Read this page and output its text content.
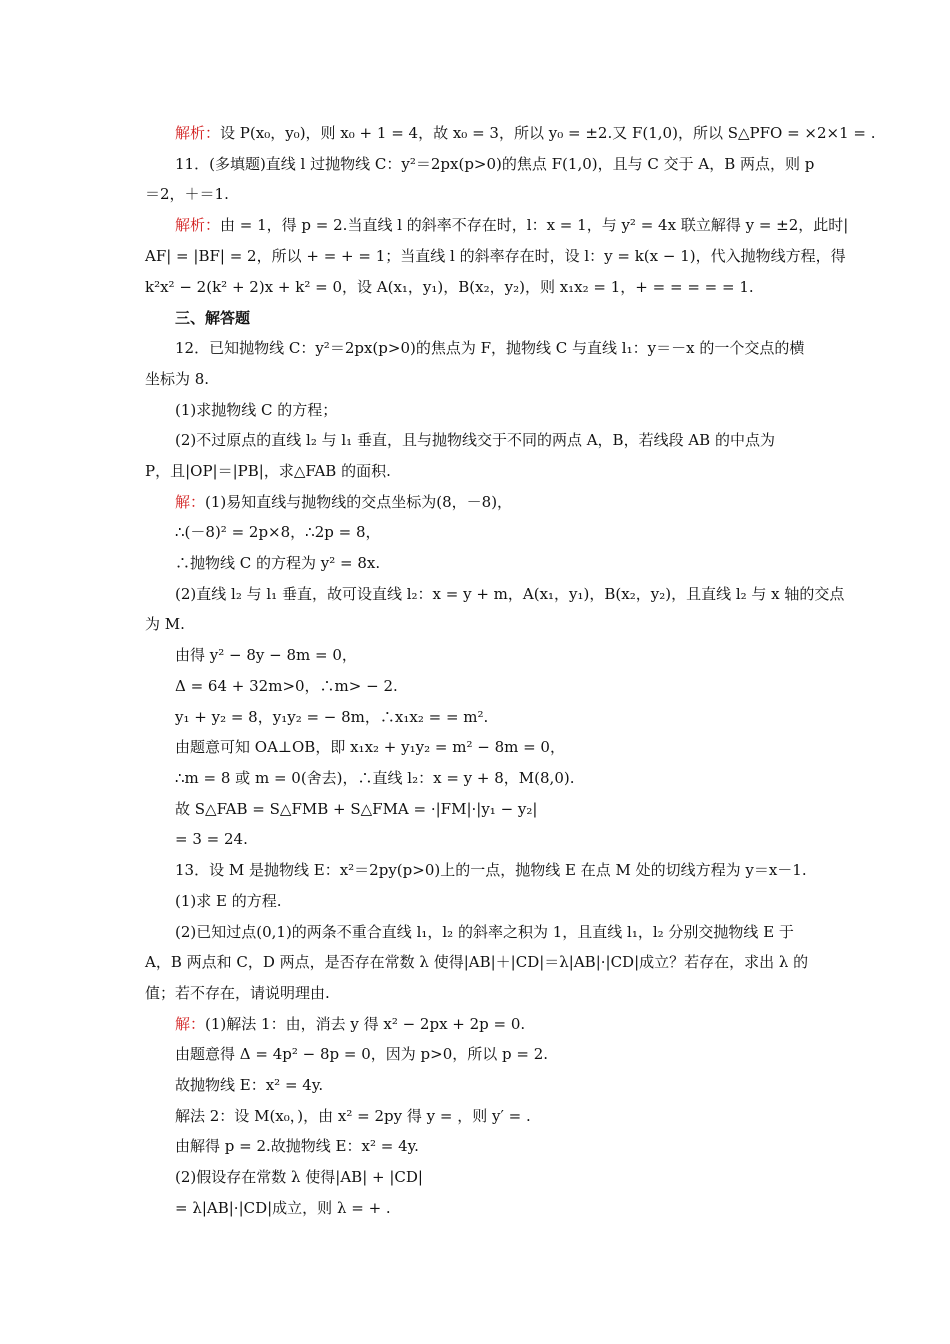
解析：设 P(x₀，y₀)，则 x₀ + 1 = 4，故 x₀ = 3，所以 y₀ = ±2.又 F(1,0)，所以 S△PFO = ×2×1 = .
11．(多填题)直线 l 过抛物线 C：y²＝2px(p>0)的焦点 F(1,0)，且与 C 交于 A，B 两点，则 p
＝2，＋＝1.
解析：由 = 1，得 p = 2.当直线 l 的斜率不存在时，l：x = 1，与 y² = 4x 联立解得 y = ±2，此时|
AF| = |BF| = 2，所以 + = + = 1；当直线 l 的斜率存在时，设 l：y = k(x − 1)，代入抛物线方程，得
k²x² − 2(k² + 2)x + k² = 0，设 A(x₁，y₁)，B(x₂，y₂)，则 x₁x₂ = 1，+ = = = = = 1.
三、解答题
12．已知抛物线 C：y²＝2px(p>0)的焦点为 F，抛物线 C 与直线 l₁：y＝－x 的一个交点的横
坐标为 8.
(1)求抛物线 C 的方程；
(2)不过原点的直线 l₂ 与 l₁ 垂直，且与抛物线交于不同的两点 A，B，若线段 AB 的中点为
P，且|OP|＝|PB|，求△FAB 的面积.
解：(1)易知直线与抛物线的交点坐标为(8，－8)，
∴(－8)² = 2p×8，∴2p = 8，
∴抛物线 C 的方程为 y² = 8x.
(2)直线 l₂ 与 l₁ 垂直，故可设直线 l₂：x = y + m，A(x₁，y₁)，B(x₂，y₂)，且直线 l₂ 与 x 轴的交点
为 M.
由得 y² − 8y − 8m = 0，
Δ = 64 + 32m>0，∴m> − 2.
y₁ + y₂ = 8，y₁y₂ = − 8m，∴x₁x₂ = = m².
由题意可知 OA⊥OB，即 x₁x₂ + y₁y₂ = m² − 8m = 0，
∴m = 8 或 m = 0(舍去)，∴直线 l₂：x = y + 8，M(8,0).
故 S△FAB = S△FMB + S△FMA = ·|FM|·|y₁ − y₂|
= 3 = 24.
13．设 M 是抛物线 E：x²＝2py(p>0)上的一点，抛物线 E 在点 M 处的切线方程为 y＝x－1.
(1)求 E 的方程.
(2)已知过点(0,1)的两条不重合直线 l₁，l₂ 的斜率之积为 1，且直线 l₁，l₂ 分别交抛物线 E 于
A，B 两点和 C，D 两点，是否存在常数 λ 使得|AB|＋|CD|＝λ|AB|·|CD|成立？若存在，求出 λ 的
值；若不存在，请说明理由.
解：(1)解法 1：由，消去 y 得 x² − 2px + 2p = 0.
由题意得 Δ = 4p² − 8p = 0，因为 p>0，所以 p = 2.
故抛物线 E：x² = 4y.
解法 2：设 M(x₀，)，由 x² = 2py 得 y = ，则 y′ = .
由解得 p = 2.故抛物线 E：x² = 4y.
(2)假设存在常数 λ 使得|AB| + |CD|
= λ|AB|·|CD|成立，则 λ = + .
